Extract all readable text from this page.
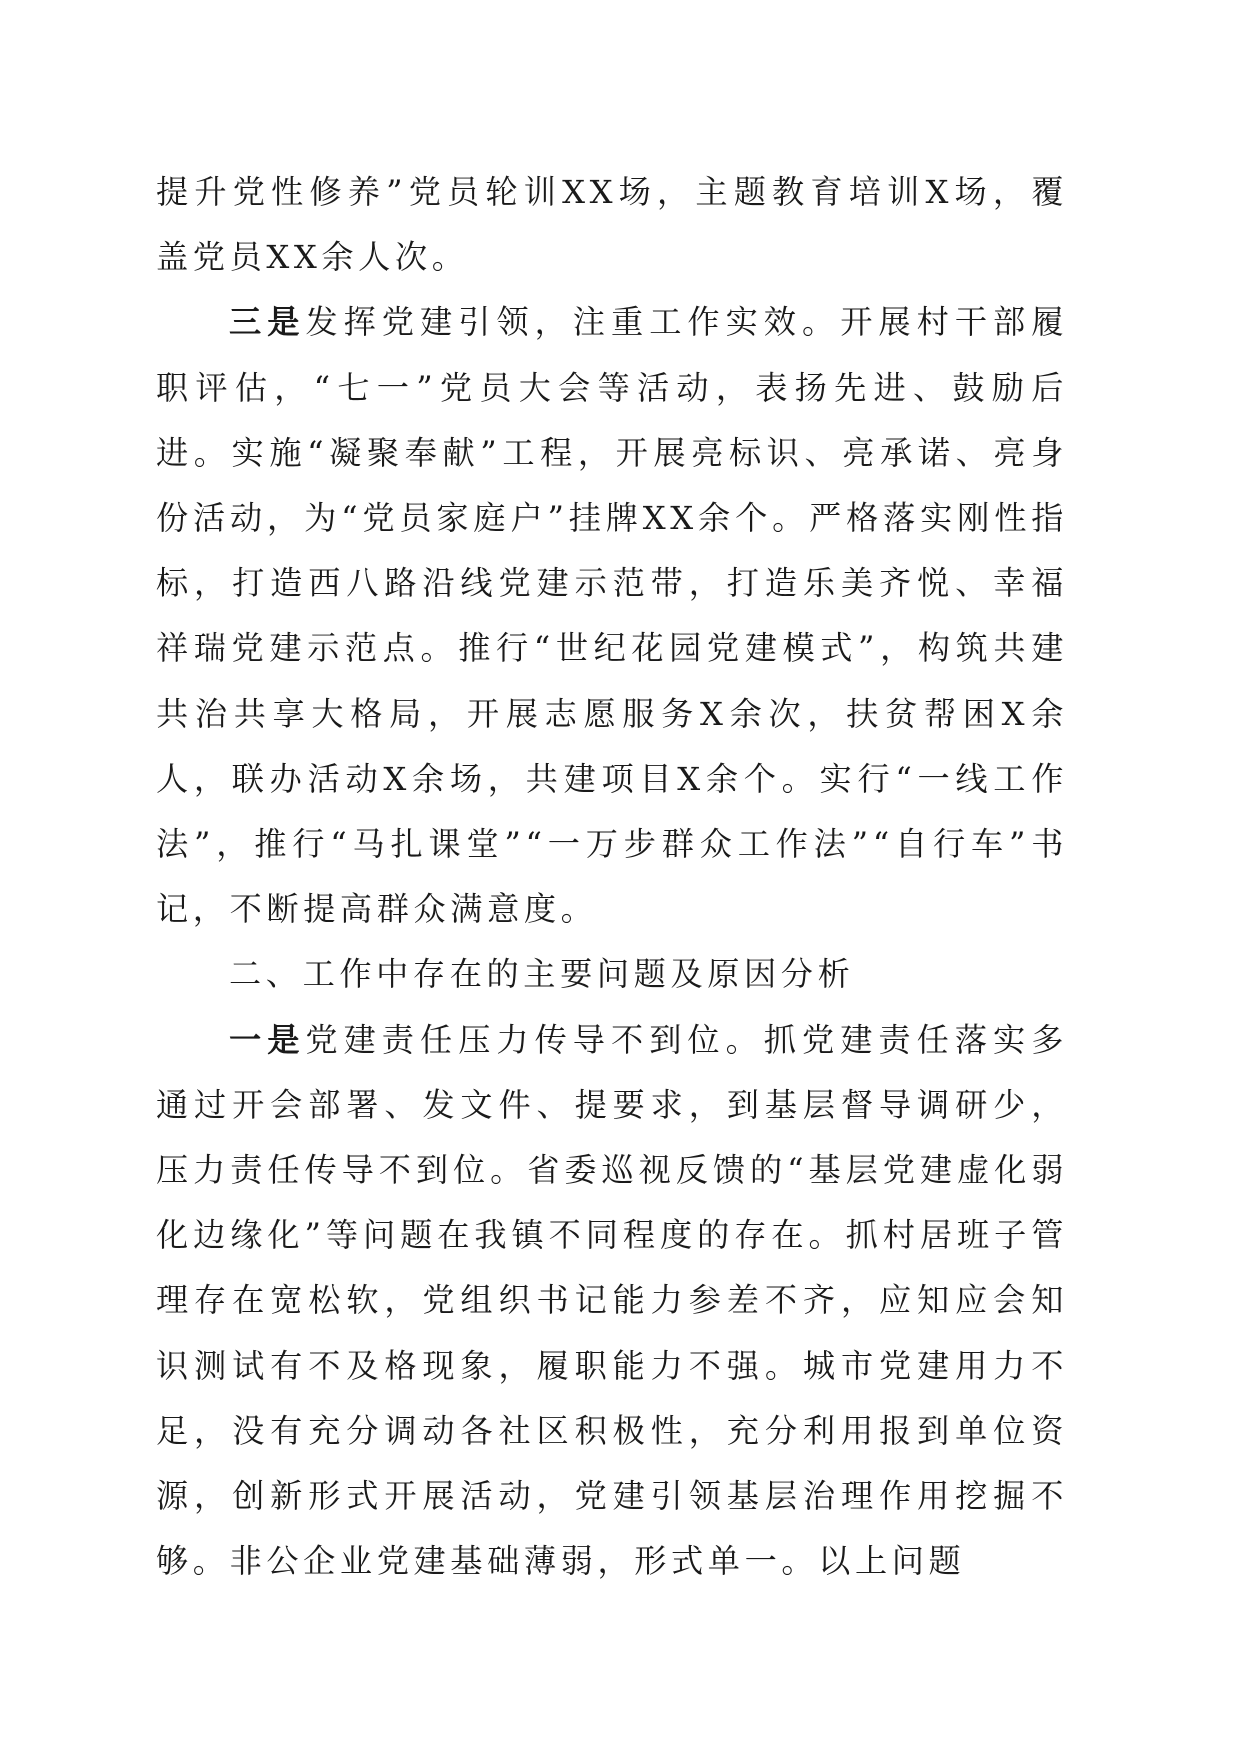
提升党性修养”党员轮训XX场，主题教育培训X场，覆盖党员XX余人次。

三是发挥党建引领，注重工作实效。开展村干部履职评估，“七一”党员大会等活动，表扬先进、鼓励后进。实施“凝聚奉献”工程，开展亮标识、亮承诺、亮身份活动，为“党员家庭户”挂牌XX余个。严格落实刚性指标，打造西八路沿线党建示范带，打造乐美齐悦、幸福祥瑞党建示范点。推行“世纪花园党建模式”，构筑共建共治共享大格局，开展志愿服务X余次，扶贫帮困X余人，联办活动X余场，共建项目X余个。实行“一线工作法”，推行“马扎课堂”“一万步群众工作法”“自行车”书记，不断提高群众满意度。

二、工作中存在的主要问题及原因分析

一是党建责任压力传导不到位。抓党建责任落实多通过开会部署、发文件、提要求，到基层督导调研少，压力责任传导不到位。省委巡视反馈的“基层党建虚化弱化边缘化”等问题在我镇不同程度的存在。抓村居班子管理存在宽松软，党组织书记能力参差不齐，应知应会知识测试有不及格现象，履职能力不强。城市党建用力不足，没有充分调动各社区积极性，充分利用报到单位资源，创新形式开展活动，党建引领基层治理作用挖掘不够。非公企业党建基础薄弱，形式单一。以上问题
